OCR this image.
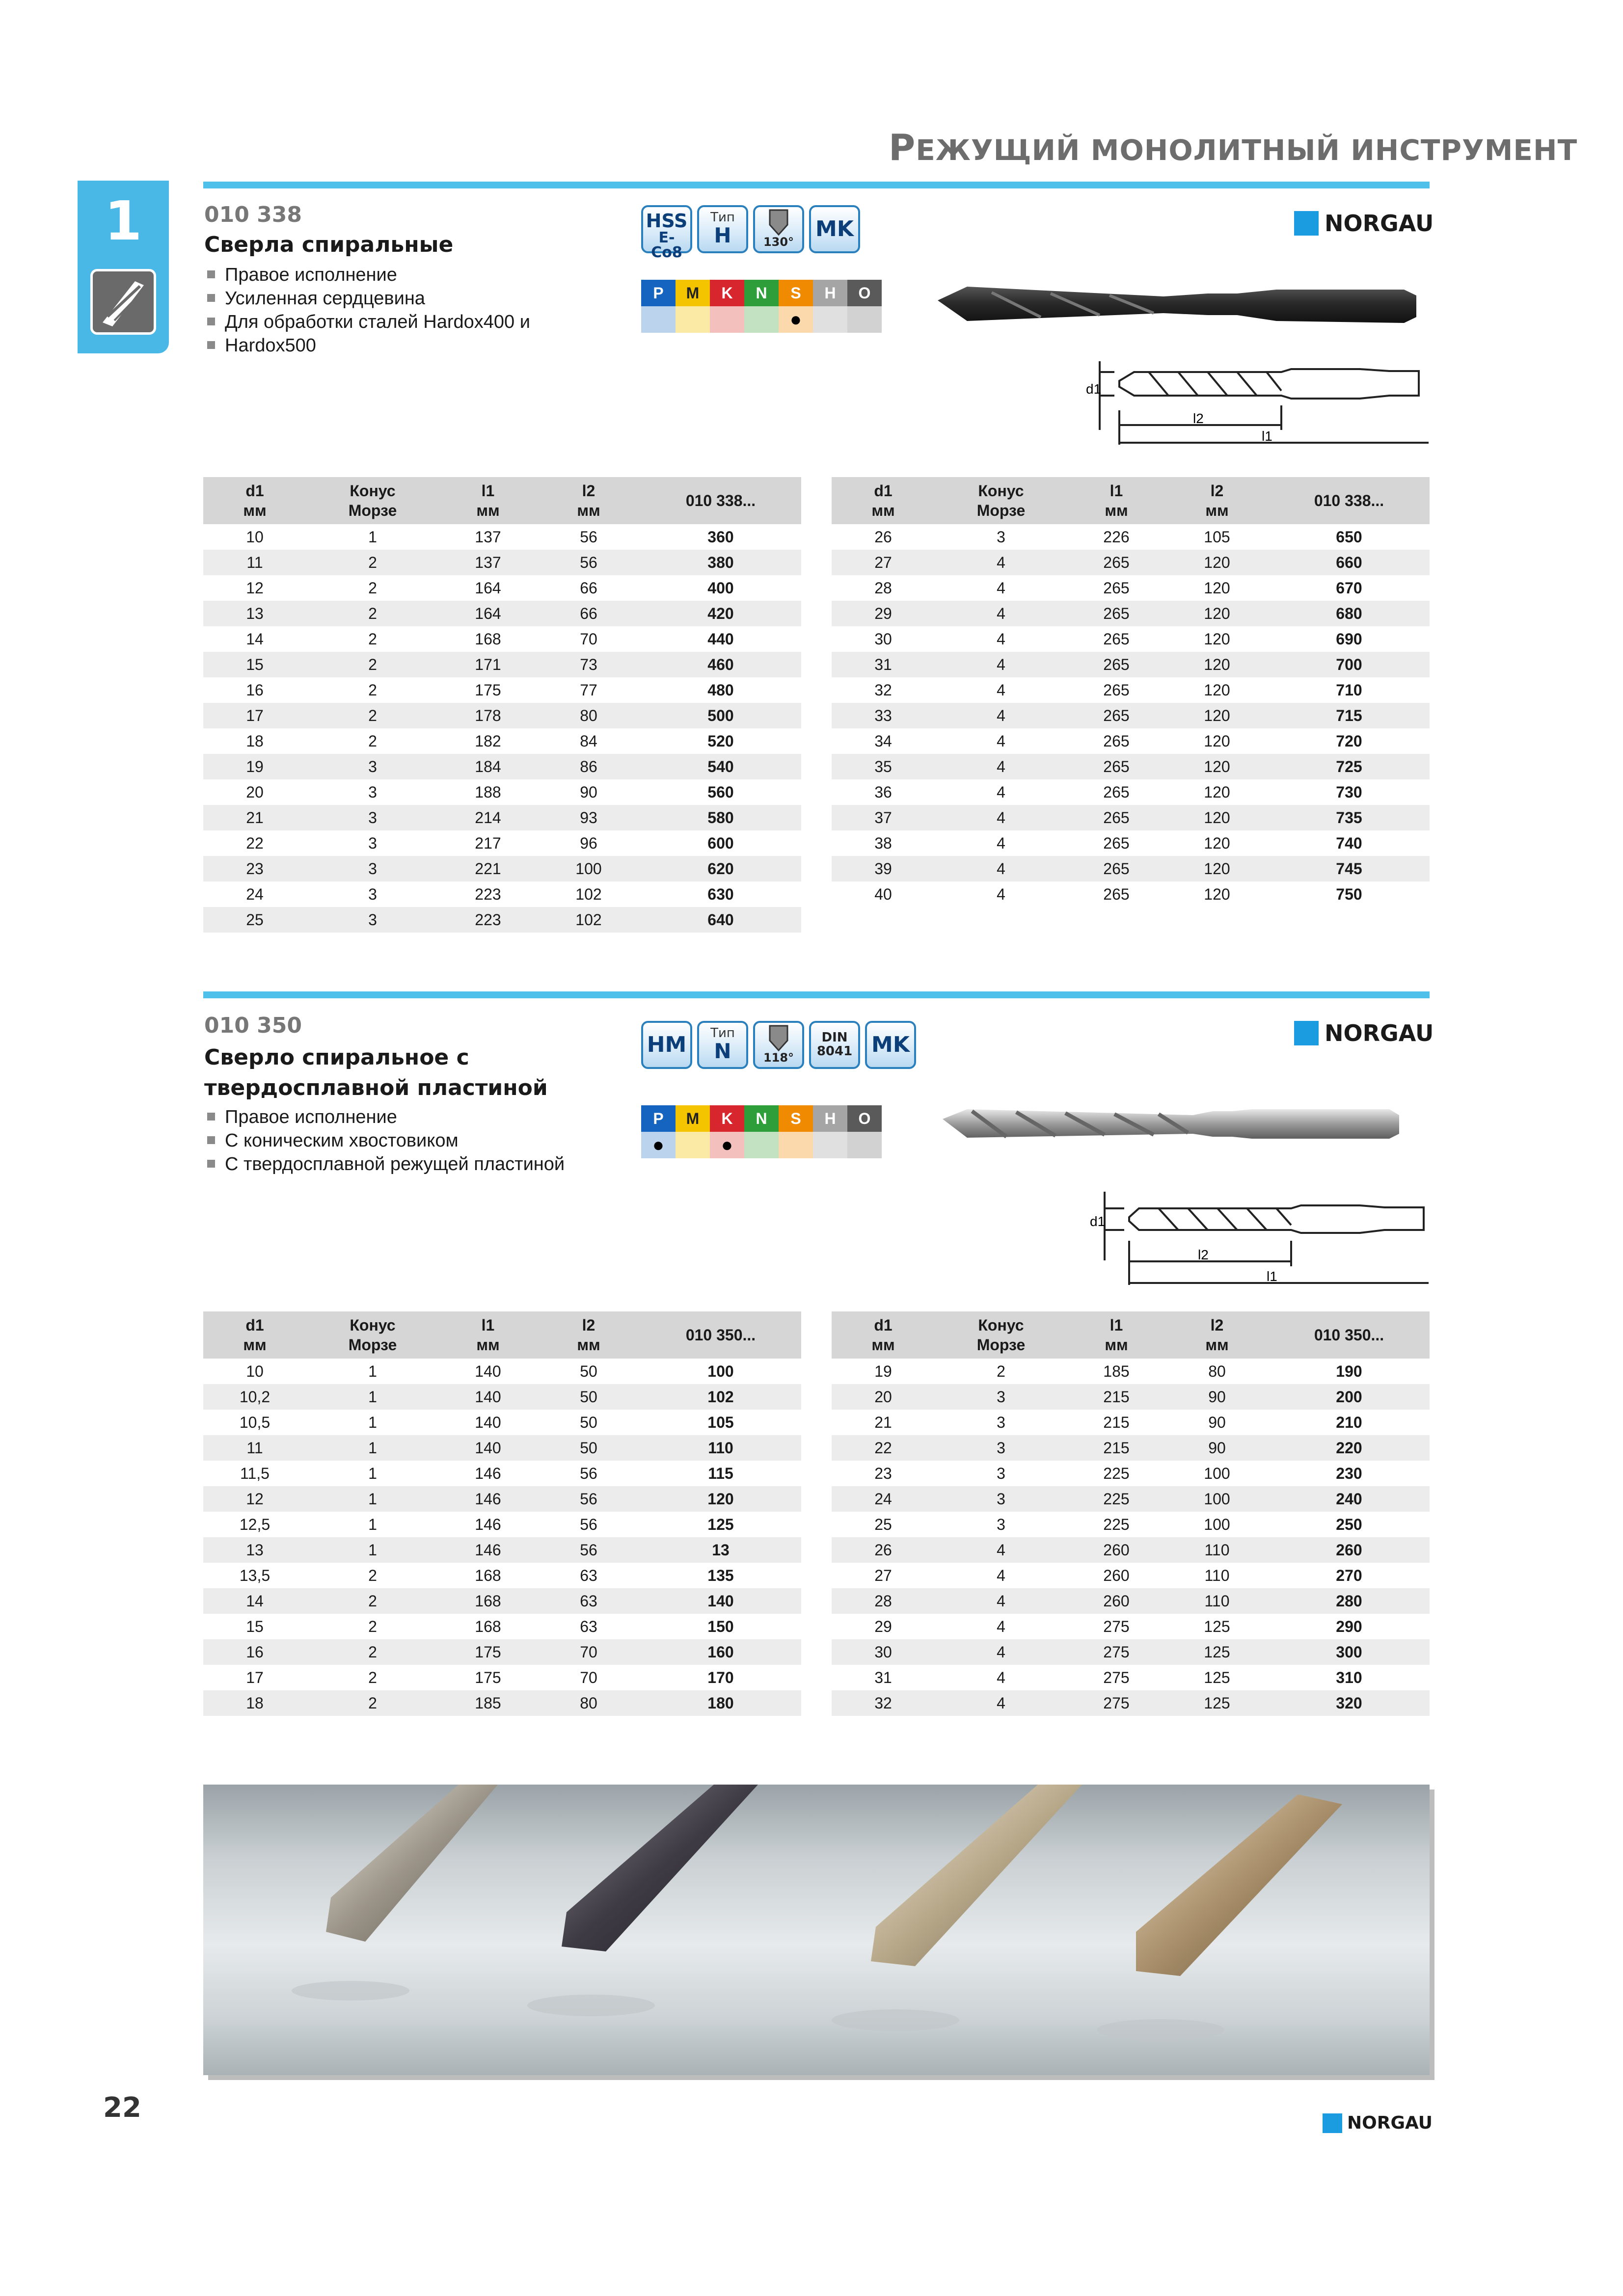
РЕЖУЩИЙ МОНОЛИТНЫЙ ИНСТРУМЕНТ
1	010 338
Сверла спиральные
Правое исполнение
Усиленная сердцевина
Для обработки сталей Hardox400 и
Hardox500
HSS
E-Co8
Тип
H	130°
MK
P	M	K	N	S	H	O
●
NORGAU
d1
l2
l1
d1
мм	Конус
Морзе	l1
мм	l2
мм	010 338...
10	1	137	56	360
11	2	137	56	380
12	2	164	66	400
13	2	164	66	420
14	2	168	70	440
15	2	171	73	460
16	2	175	77	480
17	2	178	80	500
18	2	182	84	520
19	3	184	86	540
20	3	188	90	560
21	3	214	93	580
22	3	217	96	600
23	3	221	100	620
24	3	223	102	630
25	3	223	102	640
d1
мм	Конус
Морзе	l1
мм	l2
мм	010 338...
26	3	226	105	650
27	4	265	120	660
28	4	265	120	670
29	4	265	120	680
30	4	265	120	690
31	4	265	120	700
32	4	265	120	710
33	4	265	120	715
34	4	265	120	720
35	4	265	120	725
36	4	265	120	730
37	4	265	120	735
38	4	265	120	740
39	4	265	120	745
40	4	265	120	750
010 350
Сверло спиральное с
твердосплавной пластиной
Правое исполнение
С коническим хвостовиком
С твердосплавной режущей пластиной
HM	Тип
N	118°
DIN
8041 MK
P	M	K	N	S	H	O
●	●
NORGAU
d1
l2
l1
d1
мм	Конус
Морзе	l1
мм	l2
мм	010 350...
10	1	140	50	100
10,2	1	140	50	102
10,5	1	140	50	105
11	1	140	50	110
11,5	1	146	56	115
12	1	146	56	120
12,5	1	146	56	125
13	1	146	56	13
13,5	2	168	63	135
14	2	168	63	140
15	2	168	63	150
16	2	175	70	160
17	2	175	70	170
18	2	185	80	180
d1
мм	Конус
Морзе	l1
мм	l2
мм	010 350...
19	2	185	80	190
20	3	215	90	200
21	3	215	90	210
22	3	215	90	220
23	3	225	100	230
24	3	225	100	240
25	3	225	100	250
26	4	260	110	260
27	4	260	110	270
28	4	260	110	280
29	4	275	125	290
30	4	275	125	300
31	4	275	125	310
32	4	275	125	320
22	NORGAU
